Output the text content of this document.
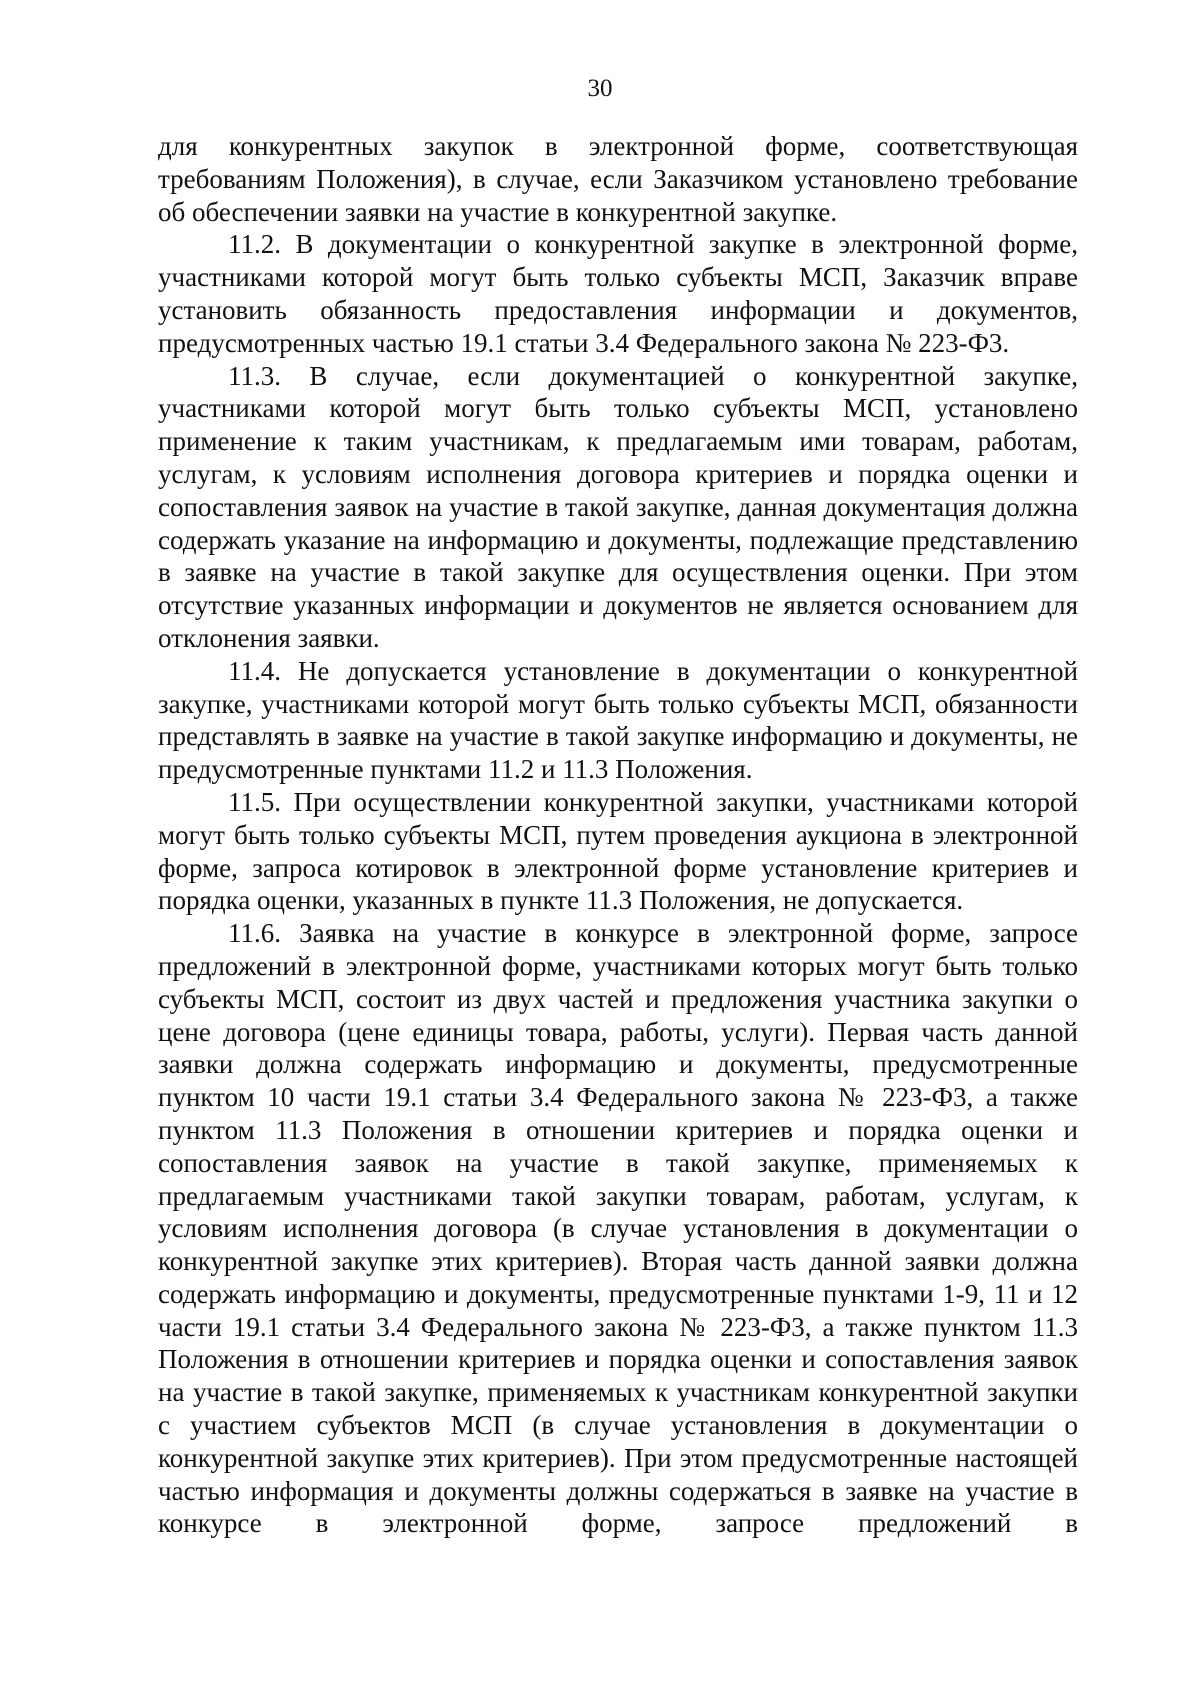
30

для конкурентных закупок в электронной форме, соответствующая требованиям Положения), в случае, если Заказчиком установлено требование об обеспечении заявки на участие в конкурентной закупке.

11.2. В документации о конкурентной закупке в электронной форме, участниками которой могут быть только субъекты МСП, Заказчик вправе установить обязанность предоставления информации и документов, предусмотренных частью 19.1 статьи 3.4 Федерального закона № 223-Ф3.

11.3. В случае, если документацией о конкурентной закупке, участниками которой могут быть только субъекты МСП, установлено применение к таким участникам, к предлагаемым ими товарам, работам, услугам, к условиям исполнения договора критериев и порядка оценки и сопоставления заявок на участие в такой закупке, данная документация должна содержать указание на информацию и документы, подлежащие представлению в заявке на участие в такой закупке для осуществления оценки. При этом отсутствие указанных информации и документов не является основанием для отклонения заявки.

11.4. Не допускается установление в документации о конкурентной закупке, участниками которой могут быть только субъекты МСП, обязанности представлять в заявке на участие в такой закупке информацию и документы, не предусмотренные пунктами 11.2 и 11.3 Положения.

11.5. При осуществлении конкурентной закупки, участниками которой могут быть только субъекты МСП, путем проведения аукциона в электронной форме, запроса котировок в электронной форме установление критериев и порядка оценки, указанных в пункте 11.3 Положения, не допускается.

11.6. Заявка на участие в конкурсе в электронной форме, запросе предложений в электронной форме, участниками которых могут быть только субъекты МСП, состоит из двух частей и предложения участника закупки о цене договора (цене единицы товара, работы, услуги). Первая часть данной заявки должна содержать информацию и документы, предусмотренные пунктом 10 части 19.1 статьи 3.4 Федерального закона № 223-Ф3, а также пунктом 11.3 Положения в отношении критериев и порядка оценки и сопоставления заявок на участие в такой закупке, применяемых к предлагаемым участниками такой закупки товарам, работам, услугам, к условиям исполнения договора (в случае установления в документации о конкурентной закупке этих критериев). Вторая часть данной заявки должна содержать информацию и документы, предусмотренные пунктами 1-9, 11 и 12 части 19.1 статьи 3.4 Федерального закона № 223-Ф3, а также пунктом 11.3 Положения в отношении критериев и порядка оценки и сопоставления заявок на участие в такой закупке, применяемых к участникам конкурентной закупки с участием субъектов МСП (в случае установления в документации о конкурентной закупке этих критериев). При этом предусмотренные настоящей частью информация и документы должны содержаться в заявке на участие в конкурсе в электронной форме, запросе предложений в
